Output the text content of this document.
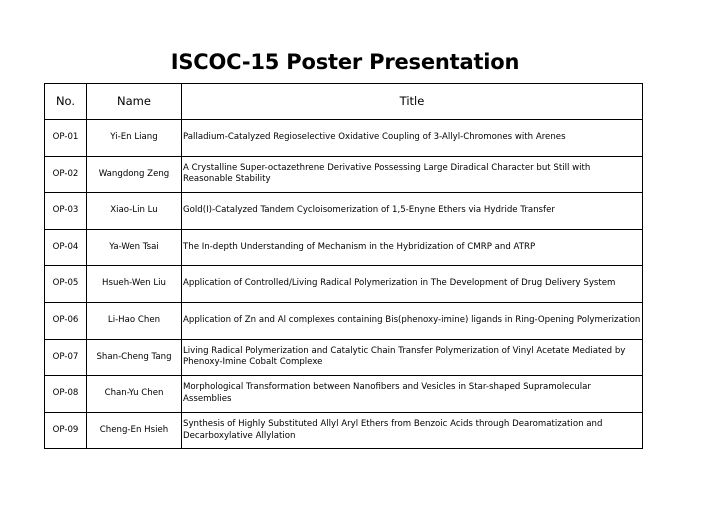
ISCOC-15 Poster Presentation
No.	Name	Title
OP-01	Yi-En Liang	Palladium-Catalyzed Regioselective Oxidative Coupling of 3-Allyl-Chromones with Arenes
OP-02	Wangdong Zeng	A Crystalline Super-octazethrene Derivative Possessing Large Diradical Character but Still with Reasonable Stability
OP-03	Xiao-Lin Lu	Gold(I)-Catalyzed Tandem Cycloisomerization of 1,5-Enyne Ethers via Hydride Transfer
OP-04	Ya-Wen Tsai	The In-depth Understanding of Mechanism in the Hybridization of CMRP and ATRP
OP-05	Hsueh-Wen Liu	Application of Controlled/Living Radical Polymerization in The Development of Drug Delivery System
OP-06	Li-Hao Chen	Application of Zn and Al complexes containing Bis(phenoxy-imine) ligands in Ring-Opening Polymerization
OP-07	Shan-Cheng Tang	Living Radical Polymerization and Catalytic Chain Transfer Polymerization of Vinyl Acetate Mediated by Phenoxy-Imine Cobalt Complexe
OP-08	Chan-Yu Chen	Morphological Transformation between Nanofibers and Vesicles in Star-shaped Supramolecular Assemblies
OP-09	Cheng-En Hsieh	Synthesis of Highly Substituted Allyl Aryl Ethers from Benzoic Acids through Dearomatization and Decarboxylative Allylation
